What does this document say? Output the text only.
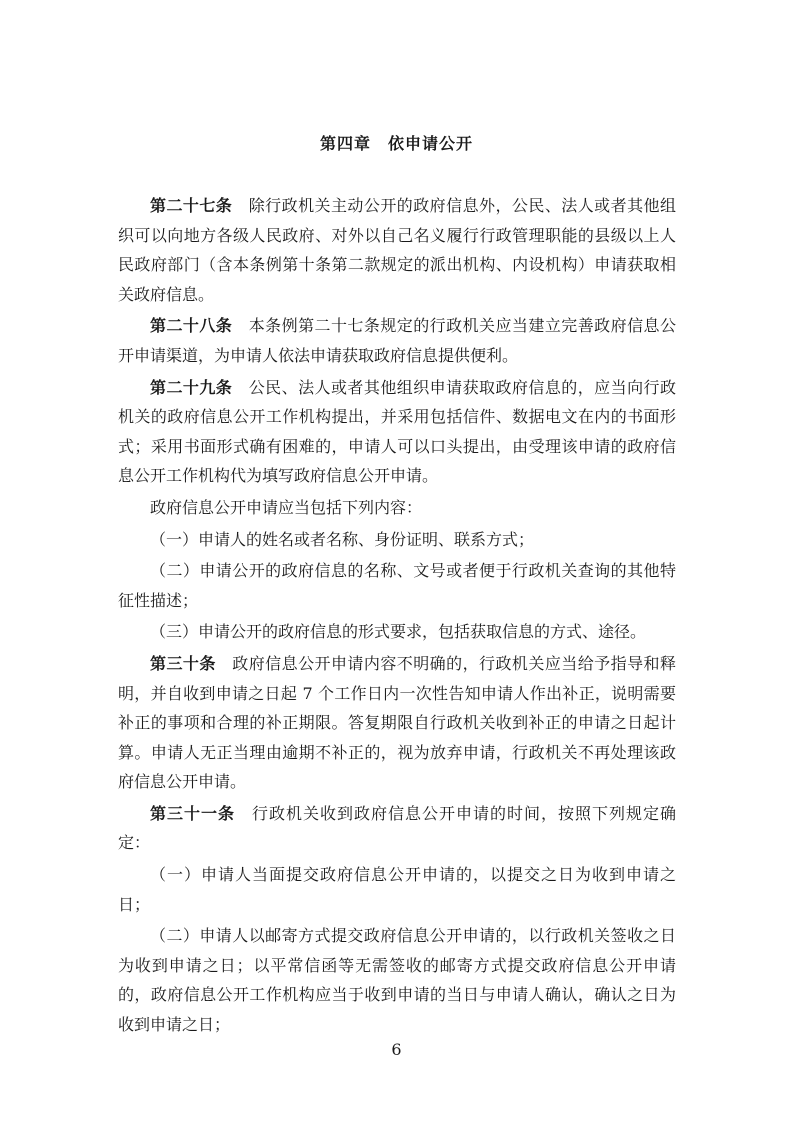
第四章　依申请公开

第二十七条 除行政机关主动公开的政府信息外，公民、法人或者其他组织可以向地方各级人民政府、对外以自己名义履行行政管理职能的县级以上人民政府部门（含本条例第十条第二款规定的派出机构、内设机构）申请获取相关政府信息。

第二十八条 本条例第二十七条规定的行政机关应当建立完善政府信息公开申请渠道，为申请人依法申请获取政府信息提供便利。

第二十九条 公民、法人或者其他组织申请获取政府信息的，应当向行政机关的政府信息公开工作机构提出，并采用包括信件、数据电文在内的书面形式；采用书面形式确有困难的，申请人可以口头提出，由受理该申请的政府信息公开工作机构代为填写政府信息公开申请。

政府信息公开申请应当包括下列内容：

（一）申请人的姓名或者名称、身份证明、联系方式；

（二）申请公开的政府信息的名称、文号或者便于行政机关查询的其他特征性描述；

（三）申请公开的政府信息的形式要求，包括获取信息的方式、途径。

第三十条 政府信息公开申请内容不明确的，行政机关应当给予指导和释明，并自收到申请之日起 7 个工作日内一次性告知申请人作出补正，说明需要补正的事项和合理的补正期限。答复期限自行政机关收到补正的申请之日起计算。申请人无正当理由逾期不补正的，视为放弃申请，行政机关不再处理该政府信息公开申请。

第三十一条 行政机关收到政府信息公开申请的时间，按照下列规定确定：

（一）申请人当面提交政府信息公开申请的，以提交之日为收到申请之日；

（二）申请人以邮寄方式提交政府信息公开申请的，以行政机关签收之日为收到申请之日；以平常信函等无需签收的邮寄方式提交政府信息公开申请的，政府信息公开工作机构应当于收到申请的当日与申请人确认，确认之日为收到申请之日；

6
